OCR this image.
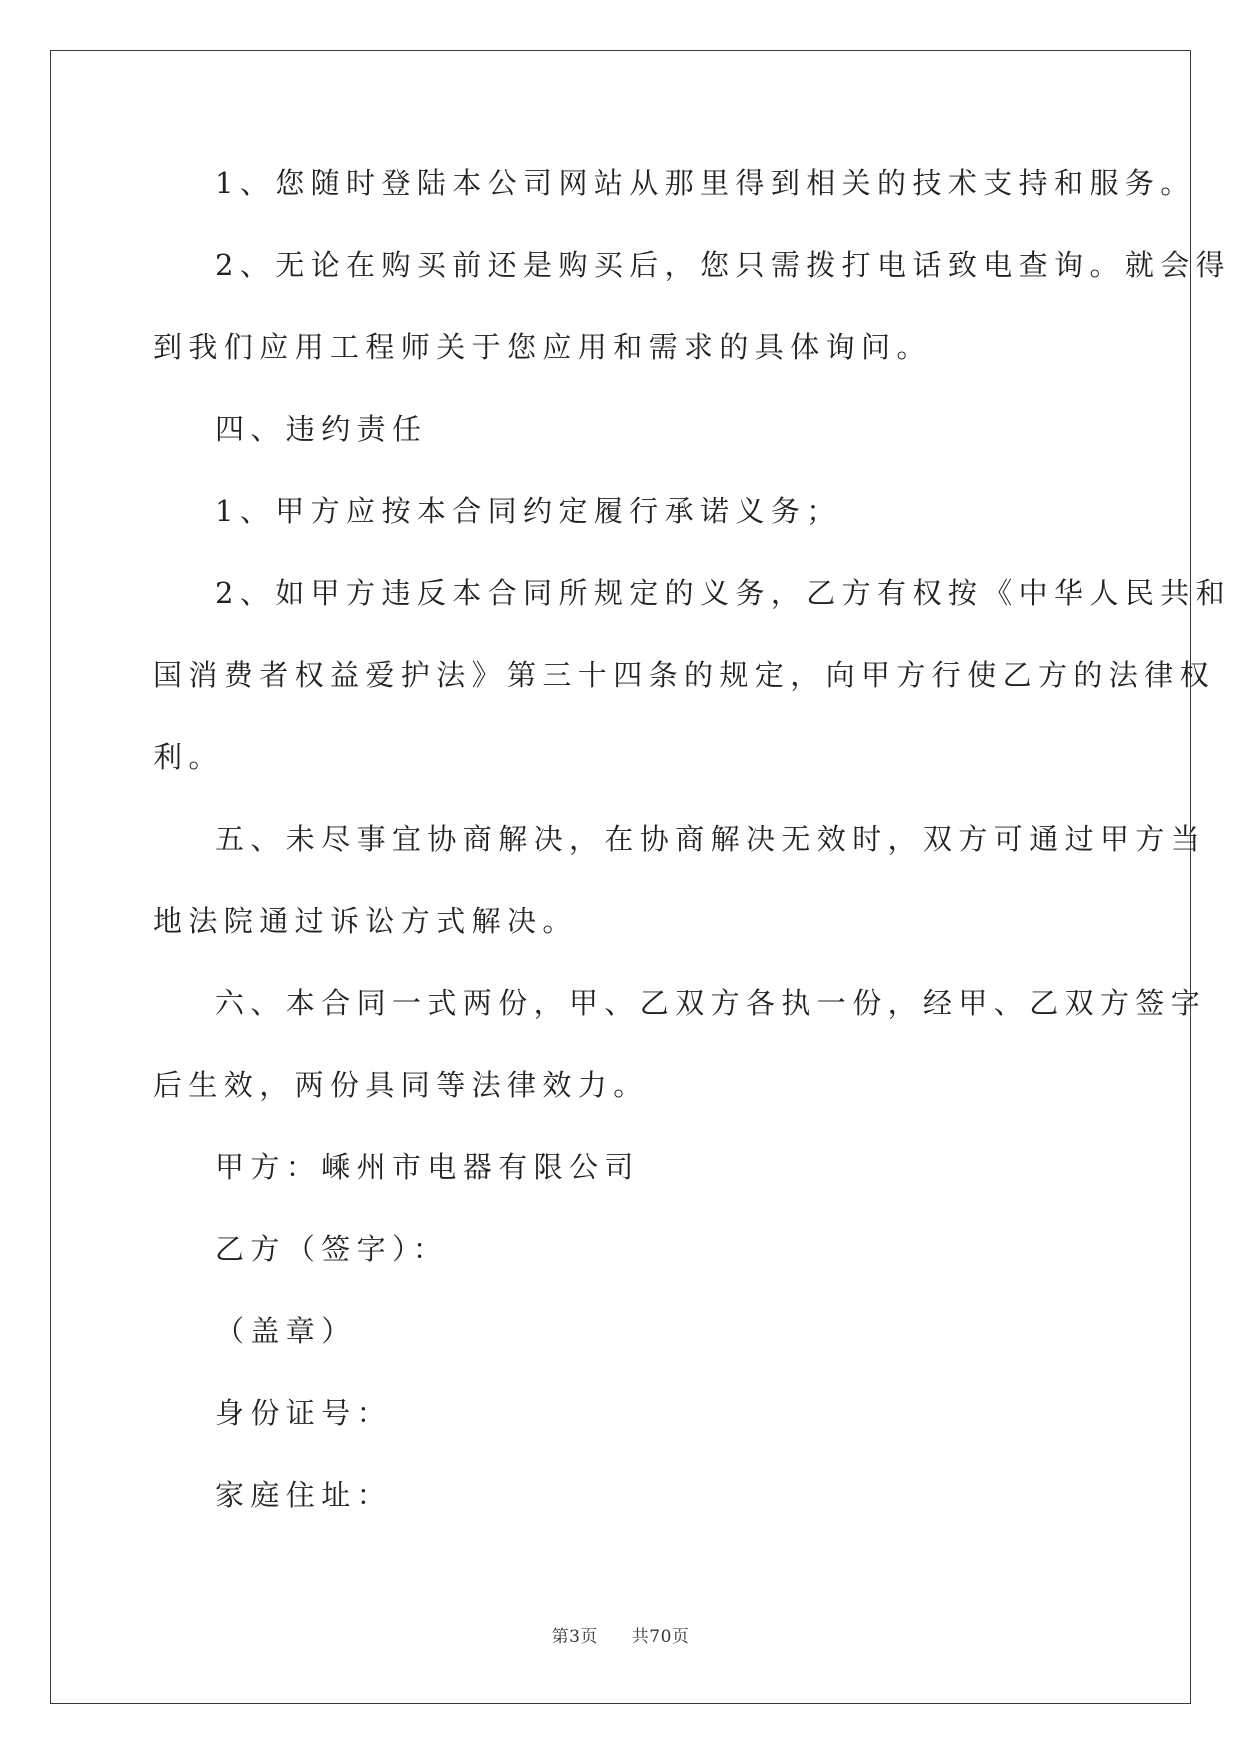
1、您随时登陆本公司网站从那里得到相关的技术支持和服务。

2、无论在购买前还是购买后，您只需拨打电话致电查询。就会得
到我们应用工程师关于您应用和需求的具体询问。

四、违约责任

1、甲方应按本合同约定履行承诺义务；

2、如甲方违反本合同所规定的义务，乙方有权按《中华人民共和
国消费者权益爱护法》第三十四条的规定，向甲方行使乙方的法律权
利。

五、未尽事宜协商解决，在协商解决无效时，双方可通过甲方当
地法院通过诉讼方式解决。

六、本合同一式两份，甲、乙双方各执一份，经甲、乙双方签字
后生效，两份具同等法律效力。

甲方：嵊州市电器有限公司

乙方（签字）：

（盖章）

身份证号：

家庭住址：

第3页 共70页
